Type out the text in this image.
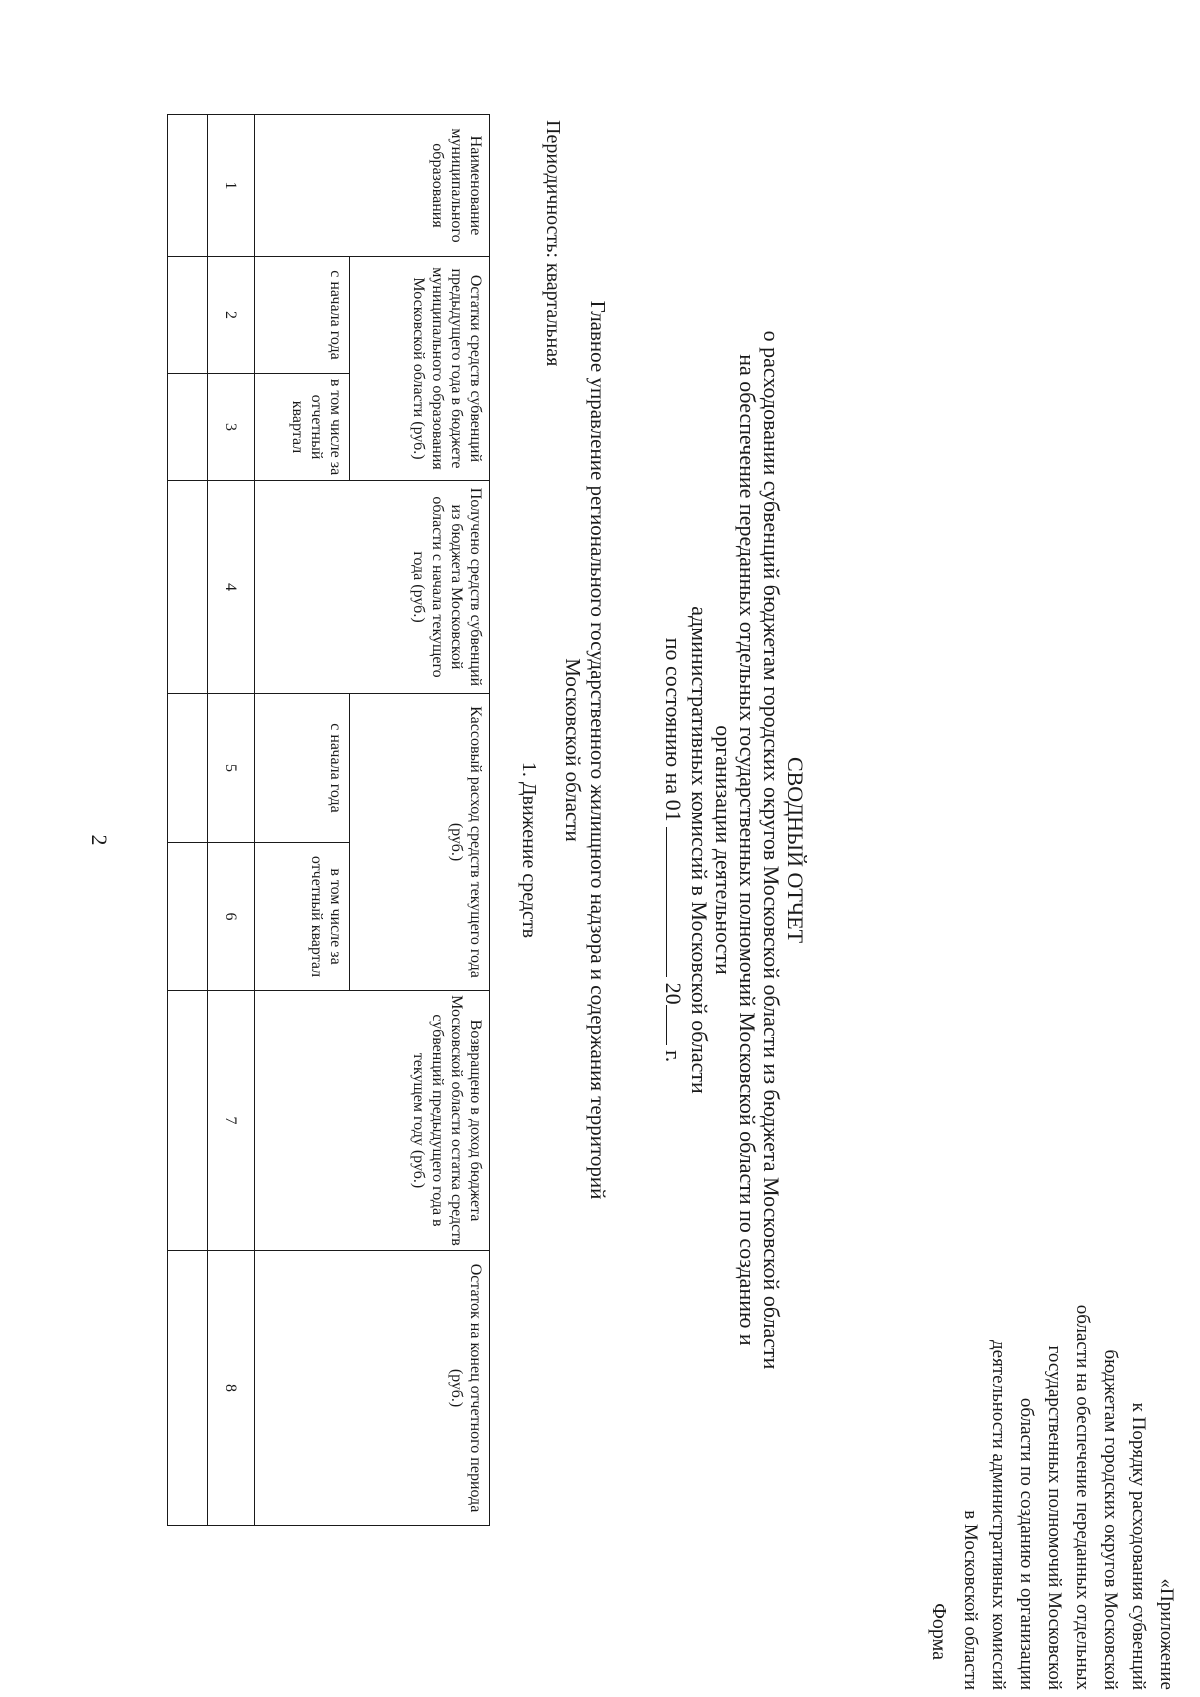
2
«Приложение
к Порядку расходования субвенций
бюджетам городских округов Московской
области на обеспечение переданных отдельных
государственных полномочий Московской
области по созданию и организации
деятельности административных комиссий
в Московской области
Форма
СВОДНЫЙ ОТЧЕТ
о расходовании субвенций бюджетам городских округов Московской области из бюджета Московской области
на обеспечение переданных отдельных государственных полномочий Московской области по созданию и организации деятельности
административных комиссий в Московской области
по состоянию на 01  20 г.
Главное управление регионального государственного жилищного надзора и содержания территорий Московской области
Периодичность: квартальная
1. Движение средств
Наименование муниципального образования	Остатки средств субвенций предыдущего года в бюджете муниципального образования Московской области (руб.)		Получено средств субвенций из бюджета Московской области с начала текущего года (руб.)	Кассовый расход средств текущего года (руб.)		Возвращено в доход бюджета Московской области остатка средств субвенций предыдущего года в текущем году (руб.)	Остаток на конец отчетного периода (руб.)
	с начала года	в том числе за отчетный квартал		с начала года	в том числе за отчетный квартал		
1	2	3	4	5	6	7	8
